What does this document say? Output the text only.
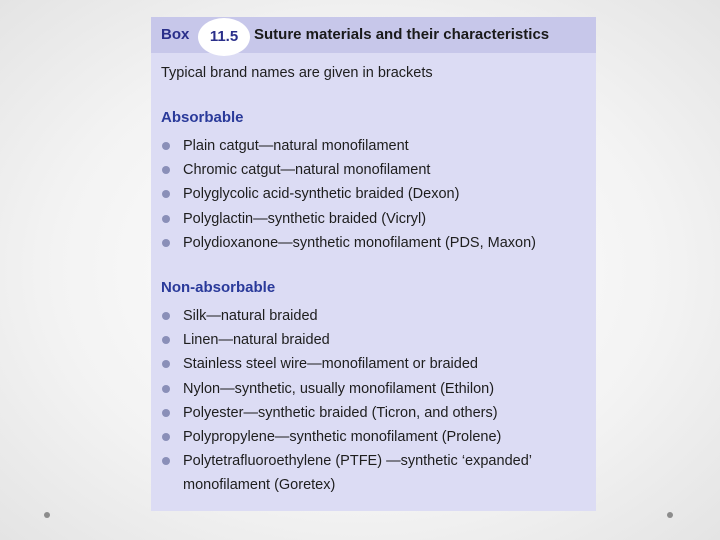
Box	11.5	Suture materials and their characteristics
Typical brand names are given in brackets
Absorbable
Plain catgut—natural monofilament
Chromic catgut—natural monofilament
Polyglycolic acid-synthetic braided (Dexon)
Polyglactin—synthetic braided (Vicryl)
Polydioxanone—synthetic monofilament (PDS, Maxon)
Non-absorbable
Silk—natural braided
Linen—natural braided
Stainless steel wire—monofilament or braided
Nylon—synthetic, usually monofilament (Ethilon)
Polyester—synthetic braided (Ticron, and others)
Polypropylene—synthetic monofilament (Prolene)
Polytetrafluoroethylene (PTFE) —synthetic ‘expanded’
monofilament (Goretex)
